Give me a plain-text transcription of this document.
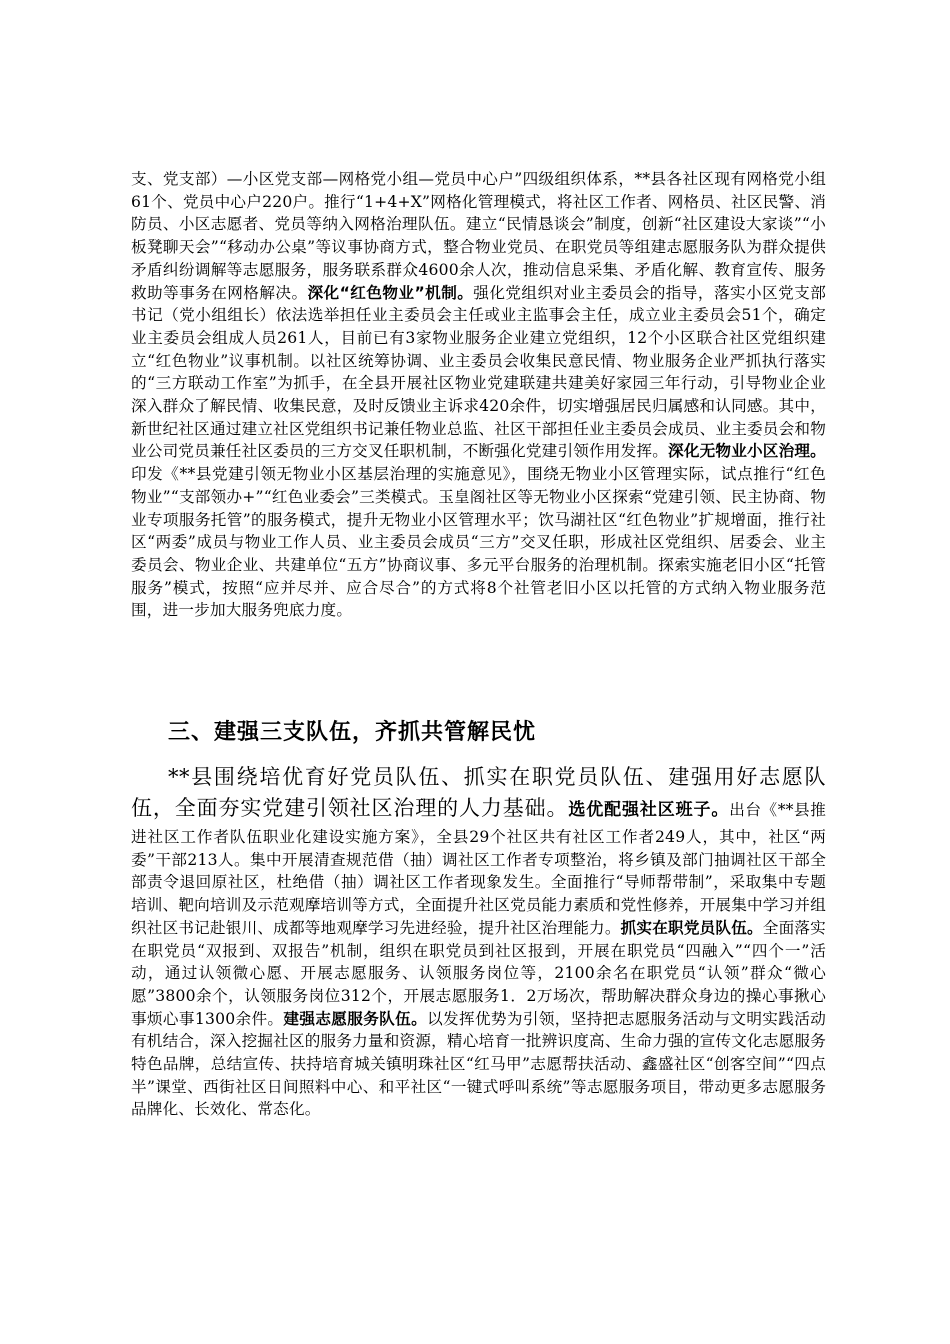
支、党支部）—小区党支部—网格党小组—党员中心户”四级组织体系，**县各社区现有网格党小组61个、党员中心户220户。推行“1+4+X”网格化管理模式，将社区工作者、网格员、社区民警、消防员、小区志愿者、党员等纳入网格治理队伍。建立“民情恳谈会”制度，创新“社区建设大家谈”“小板凳聊天会”“移动办公桌”等议事协商方式，整合物业党员、在职党员等组建志愿服务队为群众提供矛盾纠纷调解等志愿服务，服务联系群众4600余人次，推动信息采集、矛盾化解、教育宣传、服务救助等事务在网格解决。深化“红色物业”机制。强化党组织对业主委员会的指导，落实小区党支部书记（党小组组长）依法选举担任业主委员会主任或业主监事会主任，成立业主委员会51个，确定业主委员会组成人员261人，目前已有3家物业服务企业建立党组织，12个小区联合社区党组织建立“红色物业”议事机制。以社区统筹协调、业主委员会收集民意民情、物业服务企业严抓执行落实的“三方联动工作室”为抓手，在全县开展社区物业党建联建共建美好家园三年行动，引导物业企业深入群众了解民情、收集民意，及时反馈业主诉求420余件，切实增强居民归属感和认同感。其中，新世纪社区通过建立社区党组织书记兼任物业总监、社区干部担任业主委员会成员、业主委员会和物业公司党员兼任社区委员的三方交叉任职机制，不断强化党建引领作用发挥。深化无物业小区治理。印发《**县党建引领无物业小区基层治理的实施意见》，围绕无物业小区管理实际，试点推行“红色物业”“支部领办+”“红色业委会”三类模式。玉皇阁社区等无物业小区探索“党建引领、民主协商、物业专项服务托管”的服务模式，提升无物业小区管理水平；饮马湖社区“红色物业”扩规增面，推行社区“两委”成员与物业工作人员、业主委员会成员“三方”交叉任职，形成社区党组织、居委会、业主委员会、物业企业、共建单位“五方”协商议事、多元平台服务的治理机制。探索实施老旧小区“托管服务”模式，按照“应并尽并、应合尽合”的方式将8个社管老旧小区以托管的方式纳入物业服务范围，进一步加大服务兜底力度。

三、建强三支队伍，齐抓共管解民忧

**县围绕培优育好党员队伍、抓实在职党员队伍、建强用好志愿队伍，全面夯实党建引领社区治理的人力基础。选优配强社区班子。出台《**县推进社区工作者队伍职业化建设实施方案》，全县29个社区共有社区工作者249人，其中，社区“两委”干部213人。集中开展清查规范借（抽）调社区工作者专项整治，将乡镇及部门抽调社区干部全部责令退回原社区，杜绝借（抽）调社区工作者现象发生。全面推行“导师帮带制”，采取集中专题培训、靶向培训及示范观摩培训等方式，全面提升社区党员能力素质和党性修养，开展集中学习并组织社区书记赴银川、成都等地观摩学习先进经验，提升社区治理能力。抓实在职党员队伍。全面落实在职党员“双报到、双报告”机制，组织在职党员到社区报到，开展在职党员“四融入”“四个一”活动，通过认领微心愿、开展志愿服务、认领服务岗位等，2100余名在职党员“认领”群众“微心愿”3800余个，认领服务岗位312个，开展志愿服务1．2万场次，帮助解决群众身边的操心事揪心事烦心事1300余件。建强志愿服务队伍。以发挥优势为引领，坚持把志愿服务活动与文明实践活动有机结合，深入挖掘社区的服务力量和资源，精心培育一批辨识度高、生命力强的宣传文化志愿服务特色品牌，总结宣传、扶持培育城关镇明珠社区“红马甲”志愿帮扶活动、鑫盛社区“创客空间”“四点半”课堂、西街社区日间照料中心、和平社区“一键式呼叫系统”等志愿服务项目，带动更多志愿服务品牌化、长效化、常态化。
